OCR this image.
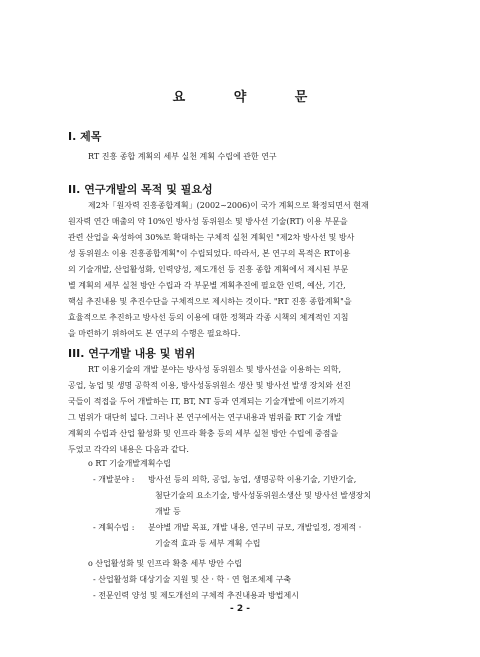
요 약 문
I. 제목
RT 진흥 종합 계획의 세부 실천 계획 수립에 관한 연구
II. 연구개발의 목적 및 필요성
제2차「원자력 진흥종합계획」(2002~2006)이 국가 계획으로 확정되면서 현재
원자력 연간 매출의 약 10%인 방사성 동위원소 및 방사선 기술(RT) 이용 부문을
관련 산업을 육성하여 30%로 확대하는 구체적 실천 계획인 "제2차 방사선 및 방사
성 동위원소 이용 진흥종합계획"이 수립되었다. 따라서, 본 연구의 목적은 RT이용
의 기술개발, 산업활성화, 인력양성, 제도개선 등 진흥 종합 계획에서 제시된 부문
별 계획의 세부 실천 방안 수립과 각 부문별 계획추진에 필요한 인력, 예산, 기간,
핵심 추진내용 및 추진수단을 구체적으로 제시하는 것이다. "RT 진흥 종합계획"을
효율적으로 추진하고 방사선 등의 이용에 대한 정책과 각종 시책의 체계적인 지침
을 마련하기 위하여도 본 연구의 수행은 필요하다.
III. 연구개발 내용 및 범위
RT 이용기술의 개발 분야는 방사성 동위원소 및 방사선을 이용하는 의학,
공업, 농업 및 생명 공학적 이용, 방사성동위원소 생산 및 방사선 발생 장치와 선진
국들이 적접을 두어 개발하는 IT, BT, NT 등과 연계되는 기술개발에 이르기까지
그 범위가 대단히 넓다. 그러나 본 연구에서는 연구내용과 범위를 RT 기술 개발
계획의 수립과 산업 활성화 및 인프라 확충 등의 세부 실천 방안 수립에 중점을
두었고 각각의 내용은 다음과 같다.
o RT 기술개발계획수립
- 개발분야 : 방사선 등의 의학, 공업, 농업, 생명공학 이용기술, 기반기술,
첨단기술의 요소기술, 방사성동위원소생산 및 방사선 발생장치
개발 등
- 계획수립 : 분야별 개발 목표, 개발 내용, 연구비 규모, 개발일정, 경제적 ·
기술적 효과 등 세부 계획 수립
o 산업활성화 및 인프라 확충 세부 방안 수립
- 산업활성화 대상기술 지원 및 산 · 학 · 연 협조체제 구축
- 전문인력 양성 및 제도개선의 구체적 추진내용과 방법제시
- 2 -
